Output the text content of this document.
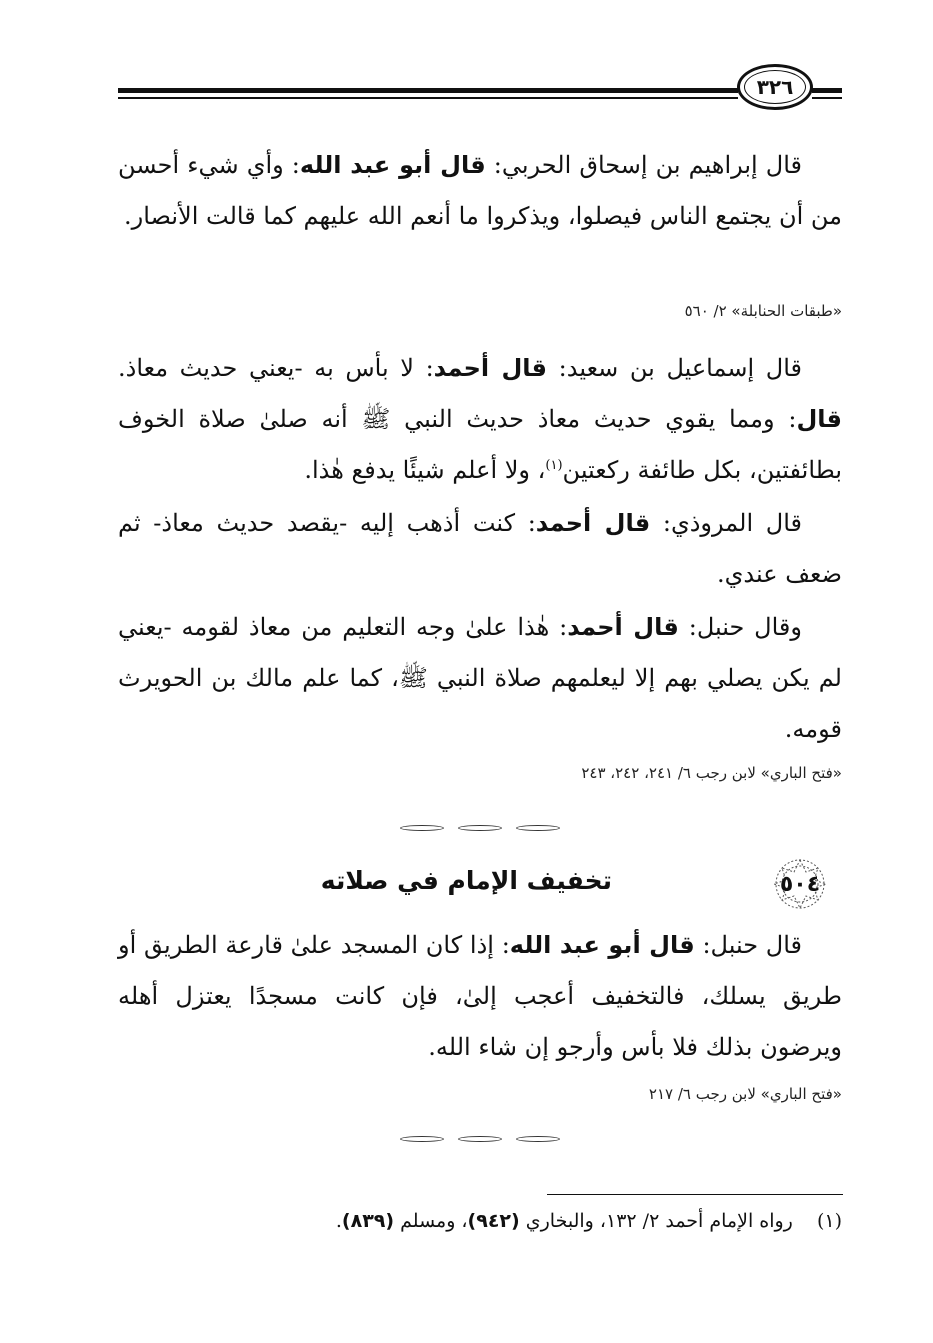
٣٢٦

قال إبراهيم بن إسحاق الحربي: قال أبو عبد الله: وأي شيء أحسن من أن يجتمع الناس فيصلوا، ويذكروا ما أنعم الله عليهم كما قالت الأنصار.

«طبقات الحنابلة» ٢/ ٥٦٠

قال إسماعيل بن سعيد: قال أحمد: لا بأس به -يعني حديث معاذ. قال: ومما يقوي حديث معاذ حديث النبي ﷺ أنه صلىٰ صلاة الخوف بطائفتين، بكل طائفة ركعتين$^{(١)}$، ولا أعلم شيئًا يدفع هٰذا.

قال المروذي: قال أحمد: كنت أذهب إليه -يقصد حديث معاذ- ثم ضعف عندي.

وقال حنبل: قال أحمد: هٰذا علىٰ وجه التعليم من معاذ لقومه -يعني لم يكن يصلي بهم إلا ليعلمهم صلاة النبي ﷺ، كما علم مالك بن الحويرث قومه.

«فتح الباري» لابن رجب ٦/ ٢٤١، ٢٤٢، ٢٤٣

٥٠٤

تخفيف الإمام في صلاته

قال حنبل: قال أبو عبد الله: إذا كان المسجد علىٰ قارعة الطريق أو طريق يسلك، فالتخفيف أعجب إلىٰ، فإن كانت مسجدًا يعتزل أهله ويرضون بذلك فلا بأس وأرجو إن شاء الله.

«فتح الباري» لابن رجب ٦/ ٢١٧

(١)  رواه الإمام أحمد ٢/ ١٣٢، والبخاري (٩٤٢)، ومسلم (٨٣٩).
